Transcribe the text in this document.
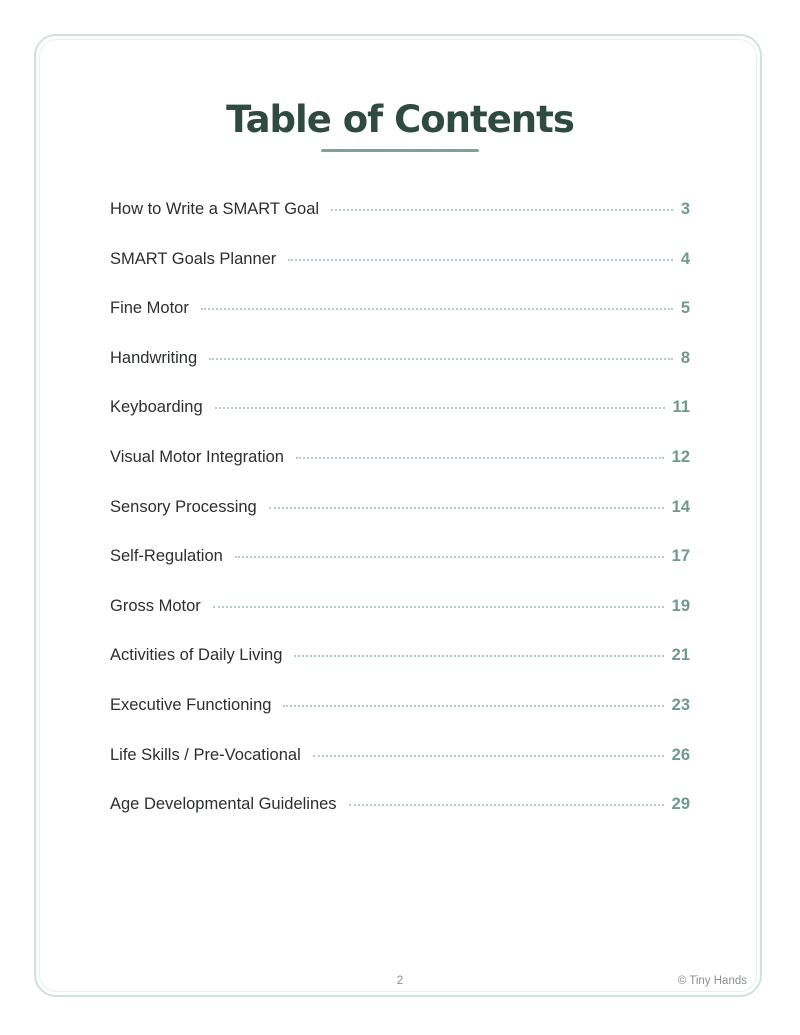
Table of Contents
How to Write a SMART Goal	3
SMART Goals Planner	4
Fine Motor	5
Handwriting	8
Keyboarding	11
Visual Motor Integration	12
Sensory Processing	14
Self-Regulation	17
Gross Motor	19
Activities of Daily Living	21
Executive Functioning	23
Life Skills / Pre-Vocational	26
Age Developmental Guidelines	29
2	© Tiny Hands
